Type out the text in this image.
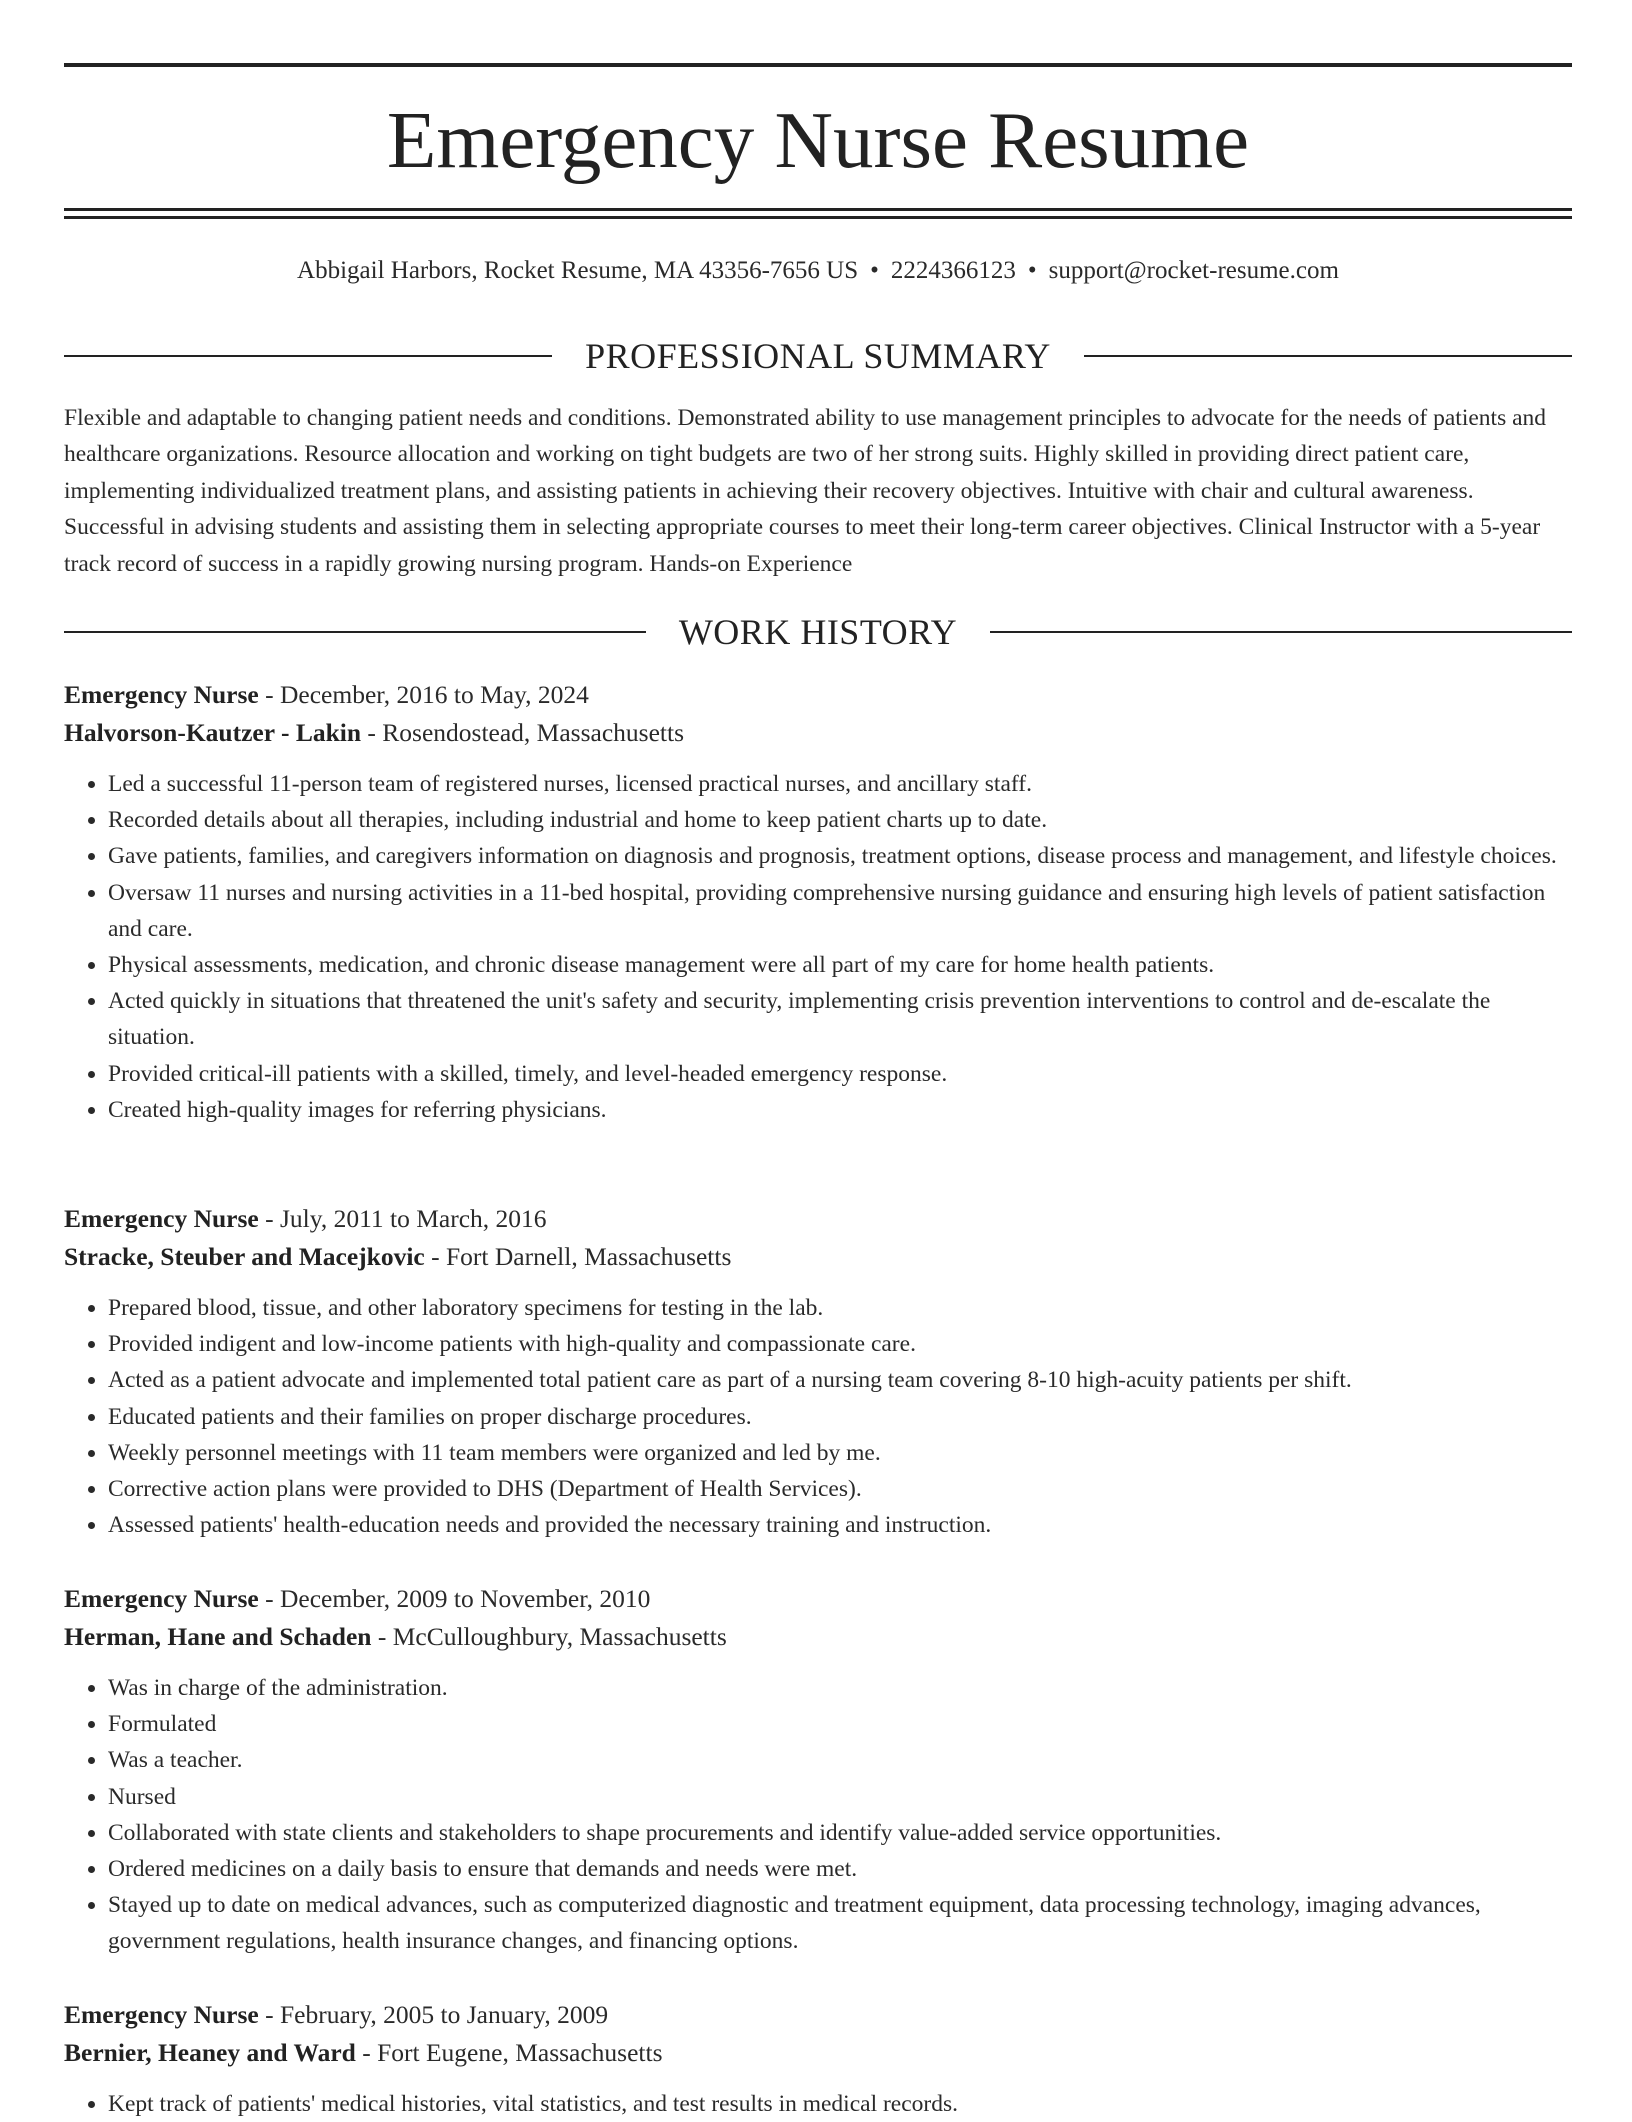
Emergency Nurse Resume
Abbigail Harbors, Rocket Resume, MA 43356-7656 US • 2224366123 • support@rocket-resume.com
PROFESSIONAL SUMMARY

Flexible and adaptable to changing patient needs and conditions. Demonstrated ability to use management principles to advocate for the needs of patients and healthcare organizations. Resource allocation and working on tight budgets are two of her strong suits. Highly skilled in providing direct patient care, implementing individualized treatment plans, and assisting patients in achieving their recovery objectives. Intuitive with chair and cultural awareness. Successful in advising students and assisting them in selecting appropriate courses to meet their long-term career objectives. Clinical Instructor with a 5-year track record of success in a rapidly growing nursing program. Hands-on Experience

WORK HISTORY
Emergency Nurse - December, 2016 to May, 2024
Halvorson-Kautzer - Lakin - Rosendostead, Massachusetts
• Led a successful 11-person team of registered nurses, licensed practical nurses, and ancillary staff.
• Recorded details about all therapies, including industrial and home to keep patient charts up to date.
• Gave patients, families, and caregivers information on diagnosis and prognosis, treatment options, disease process and management, and lifestyle choices.
• Oversaw 11 nurses and nursing activities in a 11-bed hospital, providing comprehensive nursing guidance and ensuring high levels of patient satisfaction and care.
• Physical assessments, medication, and chronic disease management were all part of my care for home health patients.
• Acted quickly in situations that threatened the unit's safety and security, implementing crisis prevention interventions to control and de-escalate the situation.
• Provided critical-ill patients with a skilled, timely, and level-headed emergency response.
• Created high-quality images for referring physicians.
Emergency Nurse - July, 2011 to March, 2016
Stracke, Steuber and Macejkovic - Fort Darnell, Massachusetts
• Prepared blood, tissue, and other laboratory specimens for testing in the lab.
• Provided indigent and low-income patients with high-quality and compassionate care.
• Acted as a patient advocate and implemented total patient care as part of a nursing team covering 8-10 high-acuity patients per shift.
• Educated patients and their families on proper discharge procedures.
• Weekly personnel meetings with 11 team members were organized and led by me.
• Corrective action plans were provided to DHS (Department of Health Services).
• Assessed patients' health-education needs and provided the necessary training and instruction.
Emergency Nurse - December, 2009 to November, 2010
Herman, Hane and Schaden - McCulloughbury, Massachusetts
• Was in charge of the administration.
• Formulated
• Was a teacher.
• Nursed
• Collaborated with state clients and stakeholders to shape procurements and identify value-added service opportunities.
• Ordered medicines on a daily basis to ensure that demands and needs were met.
• Stayed up to date on medical advances, such as computerized diagnostic and treatment equipment, data processing technology, imaging advances, government regulations, health insurance changes, and financing options.
Emergency Nurse - February, 2005 to January, 2009
Bernier, Heaney and Ward - Fort Eugene, Massachusetts
• Kept track of patients' medical histories, vital statistics, and test results in medical records.
